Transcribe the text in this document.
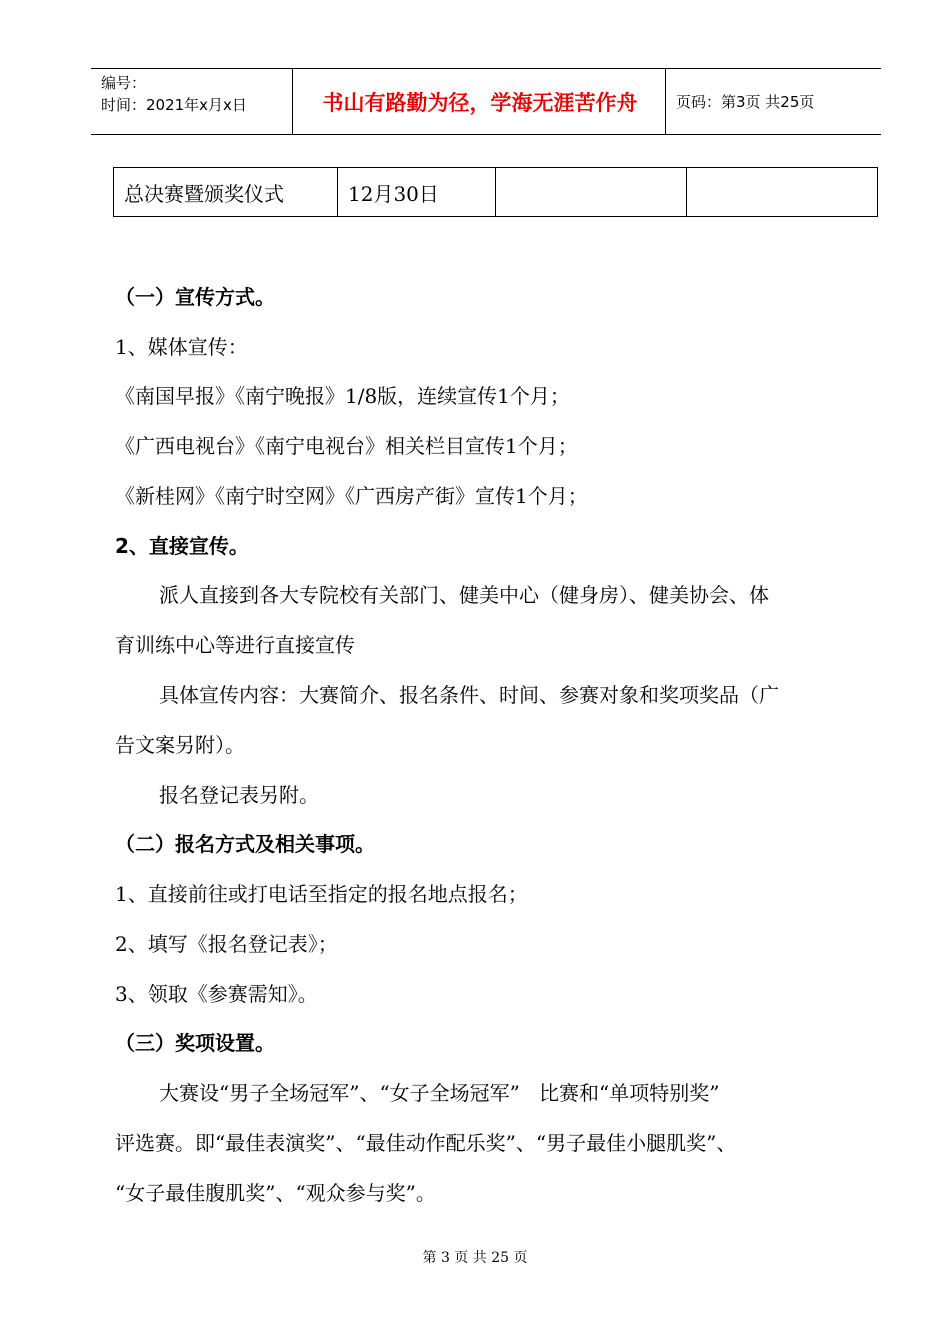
编号：
时间：2021年x月x日	书山有路勤为径，学海无涯苦作舟	页码：第3页 共25页
总决赛暨颁奖仪式	12月30日
（一）宣传方式。
1、媒体宣传：
《南国早报》《南宁晚报》1/8版，连续宣传1个月；
《广西电视台》《南宁电视台》相关栏目宣传1个月；
《新桂网》《南宁时空网》《广西房产街》宣传1个月；
2、直接宣传。
派人直接到各大专院校有关部门、健美中心（健身房）、健美协会、体
育训练中心等进行直接宣传
具体宣传内容：大赛简介、报名条件、时间、参赛对象和奖项奖品（广
告文案另附）。
报名登记表另附。
（二）报名方式及相关事项。
1、直接前往或打电话至指定的报名地点报名；
2、填写《报名登记表》；
3、领取《参赛需知》。
（三）奖项设置。
大赛设“男子全场冠军”、“女子全场冠军”   比赛和“单项特别奖”
评选赛。即“最佳表演奖”、“最佳动作配乐奖”、“男子最佳小腿肌奖”、
“女子最佳腹肌奖”、“观众参与奖”。
第 3 页 共 25 页
